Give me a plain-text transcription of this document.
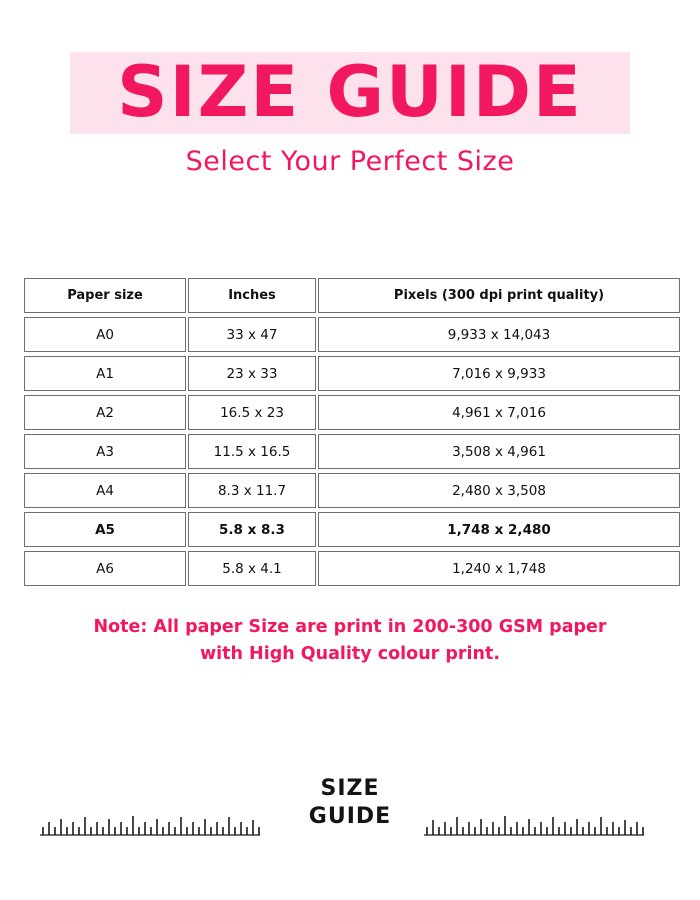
SIZE GUIDE
Select Your Perfect Size
Paper size	Inches	Pixels (300 dpi print quality)
A0	33 x 47	9,933 x 14,043
A1	23 x 33	7,016 x 9,933
A2	16.5 x 23	4,961 x 7,016
A3	11.5 x 16.5	3,508 x 4,961
A4	8.3 x 11.7	2,480 x 3,508
A5	5.8 x 8.3	1,748 x 2,480
A6	5.8 x 4.1	1,240 x 1,748
Note: All paper Size are print in 200-300 GSM paper
with High Quality colour print.
SIZE
GUIDE
